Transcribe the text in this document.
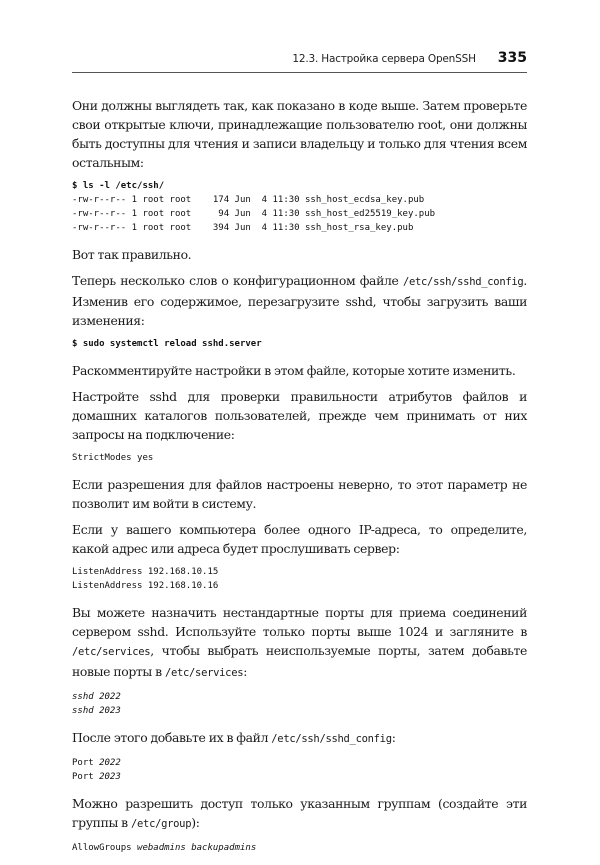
12.3. Настройка сервера OpenSSH 335

Они должны выглядеть так, как показано в коде выше. Затем проверьте свои открытые ключи, принадлежащие пользователю root, они должны быть доступны для чтения и записи владельцу и только для чтения всем остальным:

$ ls -l /etc/ssh/
-rw-r--r-- 1 root root    174 Jun  4 11:30 ssh_host_ecdsa_key.pub
-rw-r--r-- 1 root root     94 Jun  4 11:30 ssh_host_ed25519_key.pub
-rw-r--r-- 1 root root    394 Jun  4 11:30 ssh_host_rsa_key.pub

Вот так правильно.

Теперь несколько слов о конфигурационном файле /etc/ssh/sshd_config. Изменив его содержимое, перезагрузите sshd, чтобы загрузить ваши изменения:

$ sudo systemctl reload sshd.server

Раскомментируйте настройки в этом файле, которые хотите изменить.

Настройте sshd для проверки правильности атрибутов файлов и домашних каталогов пользователей, прежде чем принимать от них запросы на подключение:

StrictModes yes

Если разрешения для файлов настроены неверно, то этот параметр не позволит им войти в систему.

Если у вашего компьютера более одного IP-адреса, то определите, какой адрес или адреса будет прослушивать сервер:

ListenAddress 192.168.10.15
ListenAddress 192.168.10.16

Вы можете назначить нестандартные порты для приема соединений сервером sshd. Используйте только порты выше 1024 и загляните в /etc/services, чтобы выбрать неиспользуемые порты, затем добавьте новые порты в /etc/services:

sshd 2022
sshd 2023

После этого добавьте их в файл /etc/ssh/sshd_config:

Port 2022
Port 2023

Можно разрешить доступ только указанным группам (создайте эти группы в /etc/group):

AllowGroups webadmins backupadmins
